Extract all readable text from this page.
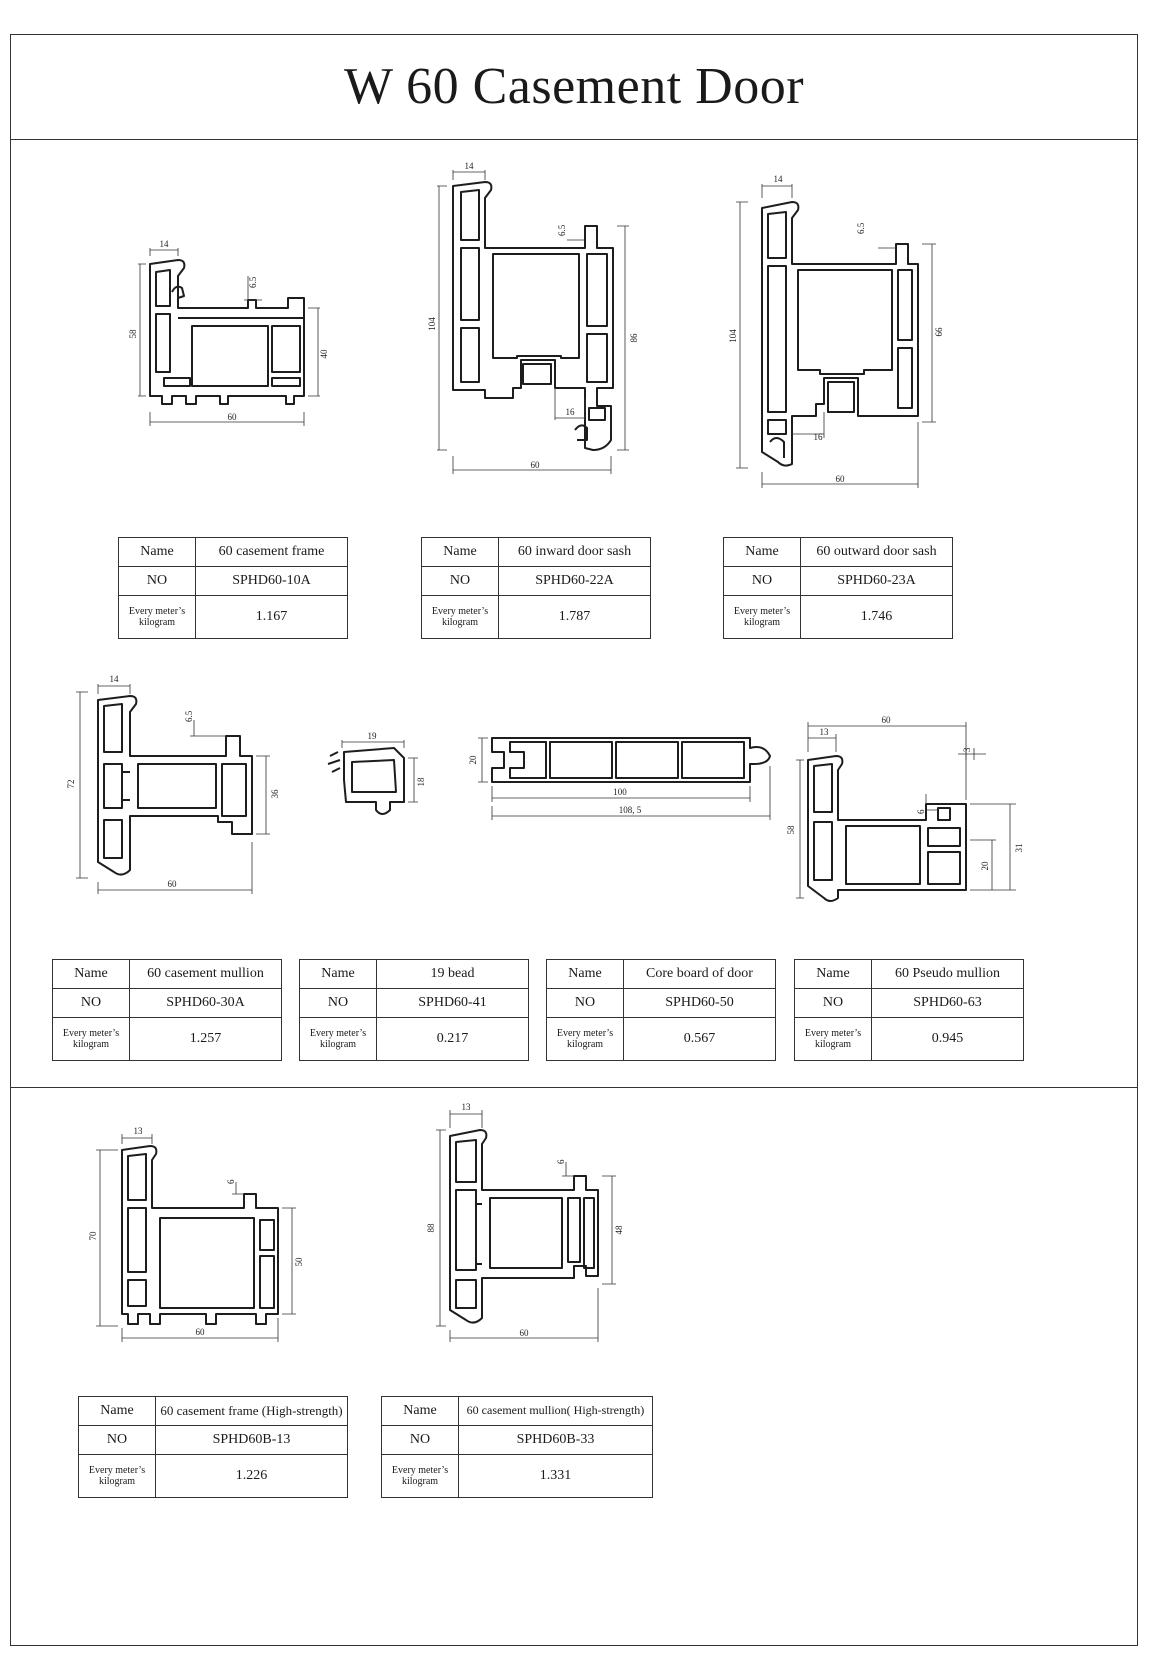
W 60 Casement Door
14
6.5
58
40
60
14
6.5
104
86
16
60
14
6.5
104	66
16
60
14
6.5
72
36
60
19
18
20
100
108, 5
60
13
3
6
58
31
20
13
6
70
50
60
13
6
88	48
60
Name	60 casement frame
NO	SPHD60-10A
Every meter’s
kilogram	1.167
Name	60 inward door sash
NO	SPHD60-22A
Every meter’s
kilogram	1.787
Name	60 outward door sash
NO	SPHD60-23A
Every meter’s
kilogram	1.746
Name	60 casement mullion
NO	SPHD60-30A
Every meter’s
kilogram	1.257
Name	19 bead
NO	SPHD60-41
Every meter’s
kilogram	0.217
Name	Core board of door
NO	SPHD60-50
Every meter’s
kilogram	0.567
Name	60 Pseudo mullion
NO	SPHD60-63
Every meter’s
kilogram	0.945
Name	60 casement frame (High-strength)
NO	SPHD60B-13
Every meter’s
kilogram	1.226
Name	60 casement mullion( High-strength)
NO	SPHD60B-33
Every meter’s
kilogram	1.331
